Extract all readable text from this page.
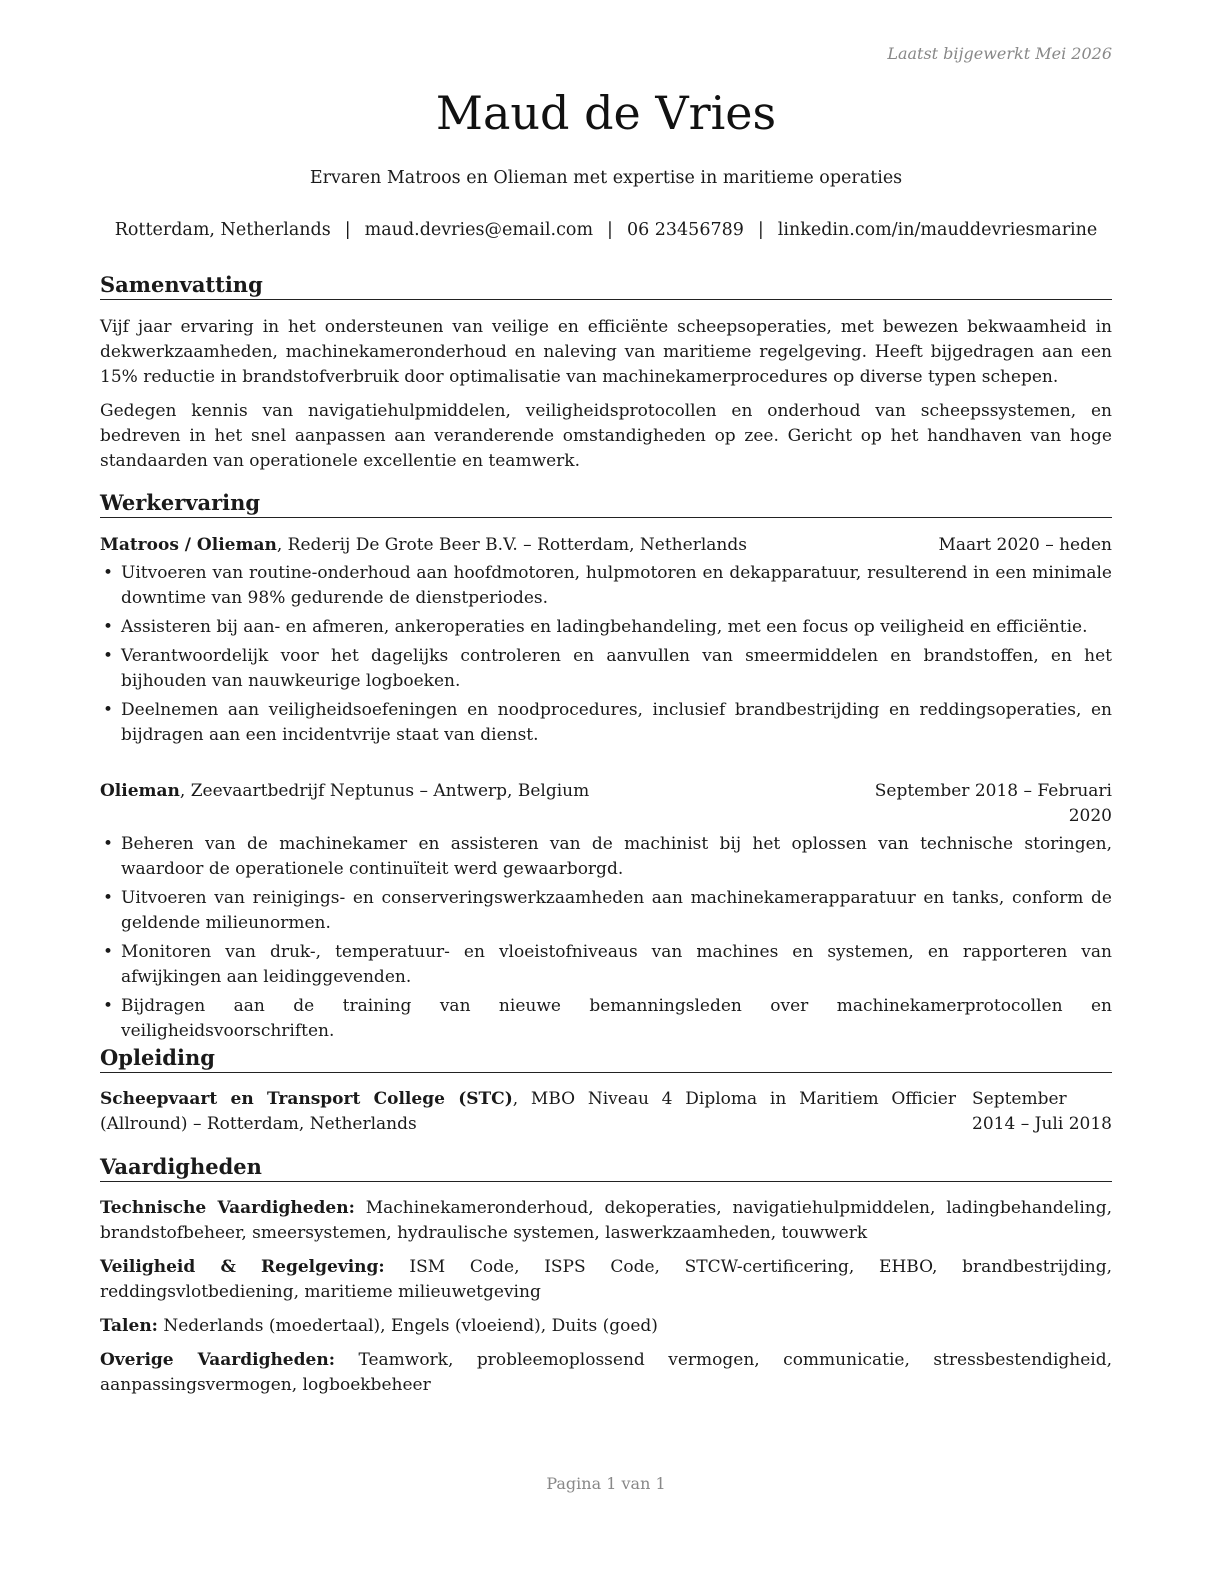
Laatst bijgewerkt Mei 2026
Maud de Vries
Ervaren Matroos en Olieman met expertise in maritieme operaties
Rotterdam, Netherlands | maud.devries@email.com | 06 23456789 | linkedin.com/in/mauddevriesmarine
Samenvatting

Vijf jaar ervaring in het ondersteunen van veilige en efficiënte scheepsoperaties, met bewezen bekwaamheid in dekwerkzaamheden, machinekameronderhoud en naleving van maritieme regelgeving. Heeft bijgedragen aan een 15% reductie in brandstofverbruik door optimalisatie van machinekamerprocedures op diverse typen schepen.

Gedegen kennis van navigatiehulpmiddelen, veiligheidsprotocollen en onderhoud van scheepssystemen, en bedreven in het snel aanpassen aan veranderende omstandigheden op zee. Gericht op het handhaven van hoge standaarden van operationele excellentie en teamwerk.

Werkervaring
Matroos / Olieman, Rederij De Grote Beer B.V. – Rotterdam, Netherlands	Maart 2020 – heden
• Uitvoeren van routine-onderhoud aan hoofdmotoren, hulpmotoren en dekapparatuur, resulterend in een minimale downtime van 98% gedurende de dienstperiodes.
• Assisteren bij aan- en afmeren, ankeroperaties en ladingbehandeling, met een focus op veiligheid en efficiëntie.
• Verantwoordelijk voor het dagelijks controleren en aanvullen van smeermiddelen en brandstoffen, en het bijhouden van nauwkeurige logboeken.
• Deelnemen aan veiligheidsoefeningen en noodprocedures, inclusief brandbestrijding en reddingsoperaties, en bijdragen aan een incidentvrije staat van dienst.
Olieman, Zeevaartbedrijf Neptunus – Antwerp, Belgium	September 2018 – Februari 2020
• Beheren van de machinekamer en assisteren van de machinist bij het oplossen van technische storingen, waardoor de operationele continuïteit werd gewaarborgd.
• Uitvoeren van reinigings- en conserveringswerkzaamheden aan machinekamerapparatuur en tanks, conform de geldende milieunormen.
• Monitoren van druk-, temperatuur- en vloeistofniveaus van machines en systemen, en rapporteren van afwijkingen aan leidinggevenden.
• Bijdragen aan de training van nieuwe bemanningsleden over machinekamerprotocollen en veiligheidsvoorschriften.
Opleiding
Scheepvaart en Transport College (STC), MBO Niveau 4 Diploma in Maritiem Officier (Allround) – Rotterdam, Netherlands
September 2014 – Juli 2018
Vaardigheden

Technische Vaardigheden: Machinekameronderhoud, dekoperaties, navigatiehulpmiddelen, ladingbehandeling, brandstofbeheer, smeersystemen, hydraulische systemen, laswerkzaamheden, touwwerk

Veiligheid & Regelgeving: ISM Code, ISPS Code, STCW-certificering, EHBO, brandbestrijding, reddingsvlotbediening, maritieme milieuwetgeving

Talen: Nederlands (moedertaal), Engels (vloeiend), Duits (goed)

Overige Vaardigheden: Teamwork, probleemoplossend vermogen, communicatie, stressbestendigheid, aanpassingsvermogen, logboekbeheer

Pagina 1 van 1
